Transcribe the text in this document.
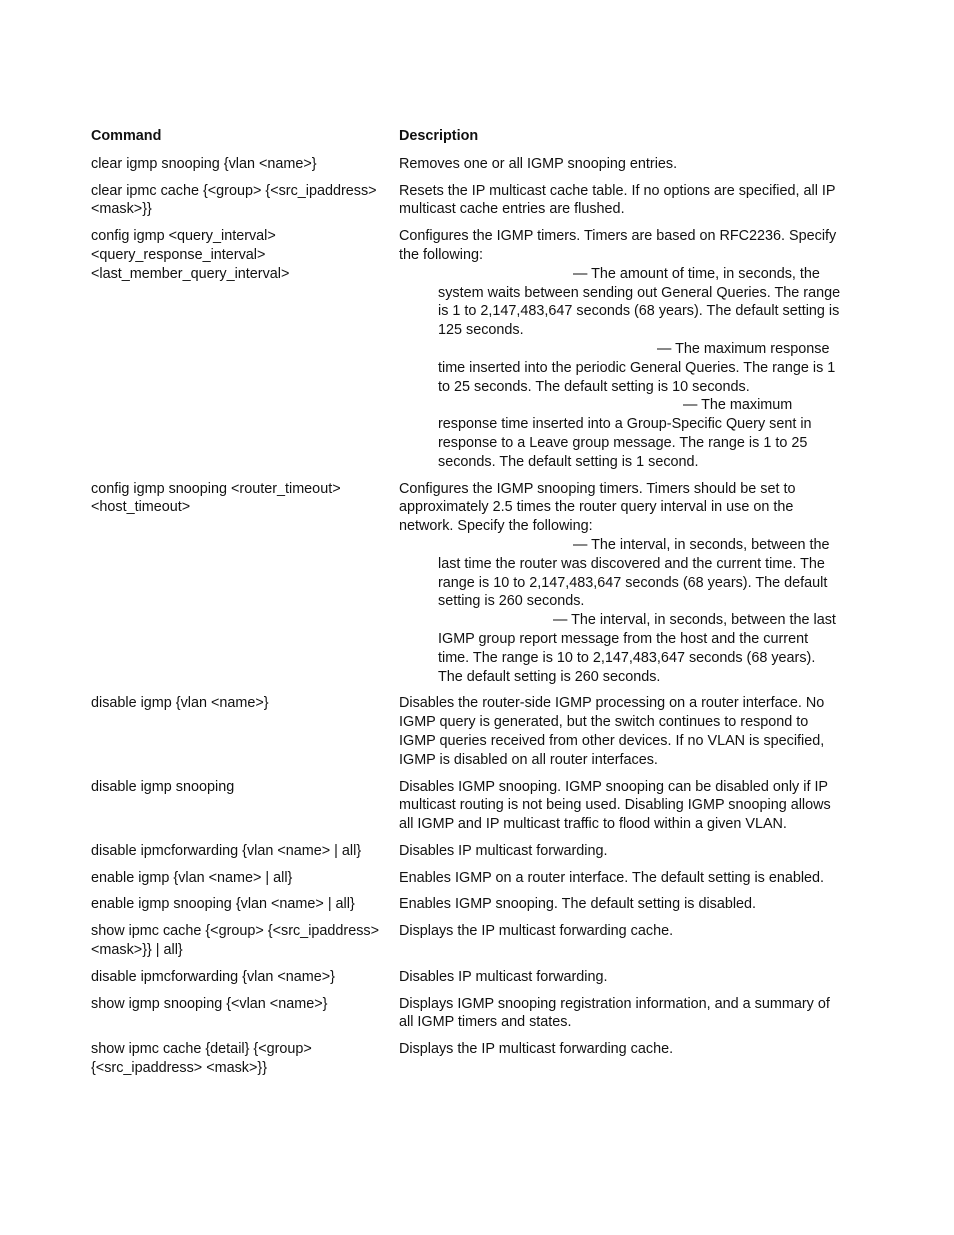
Command	Description
clear igmp snooping {vlan <name>}	Removes one or all IGMP snooping entries.
clear ipmc cache {<group> {<src_ipaddress> <mask>}}	Resets the IP multicast cache table. If no options are specified, all IP multicast cache entries are flushed.
config igmp <query_interval> <query_response_interval> <last_member_query_interval>	Configures the IGMP timers. Timers are based on RFC2236. Specify the following:
— The amount of time, in seconds, the system waits between sending out General Queries. The range is 1 to 2,147,483,647 seconds (68 years). The default setting is 125 seconds.
— The maximum response time inserted into the periodic General Queries. The range is 1 to 25 seconds. The default setting is 10 seconds.
— The maximum response time inserted into a Group-Specific Query sent in response to a Leave group message. The range is 1 to 25 seconds. The default setting is 1 second.

config igmp snooping <router_timeout> <host_timeout>	Configures the IGMP snooping timers. Timers should be set to approximately 2.5 times the router query interval in use on the network. Specify the following:
— The interval, in seconds, between the last time the router was discovered and the current time. The range is 10 to 2,147,483,647 seconds (68 years). The default setting is 260 seconds.
— The interval, in seconds, between the last IGMP group report message from the host and the current time. The range is 10 to 2,147,483,647 seconds (68 years). The default setting is 260 seconds.

disable igmp {vlan <name>}	Disables the router-side IGMP processing on a router interface. No IGMP query is generated, but the switch continues to respond to IGMP queries received from other devices. If no VLAN is specified, IGMP is disabled on all router interfaces.
disable igmp snooping	Disables IGMP snooping. IGMP snooping can be disabled only if IP multicast routing is not being used. Disabling IGMP snooping allows all IGMP and IP multicast traffic to flood within a given VLAN.
disable ipmcforwarding {vlan <name> | all}	Disables IP multicast forwarding.
enable igmp {vlan <name> | all}	Enables IGMP on a router interface. The default setting is enabled.
enable igmp snooping {vlan <name> | all}	Enables IGMP snooping. The default setting is disabled.
show ipmc cache {<group> {<src_ipaddress> <mask>}} | all}	Displays the IP multicast forwarding cache.
disable ipmcforwarding {vlan <name>}	Disables IP multicast forwarding.
show igmp snooping {<vlan <name>}	Displays IGMP snooping registration information, and a summary of all IGMP timers and states.
show ipmc cache {detail} {<group> {<src_ipaddress> <mask>}}	Displays the IP multicast forwarding cache.
